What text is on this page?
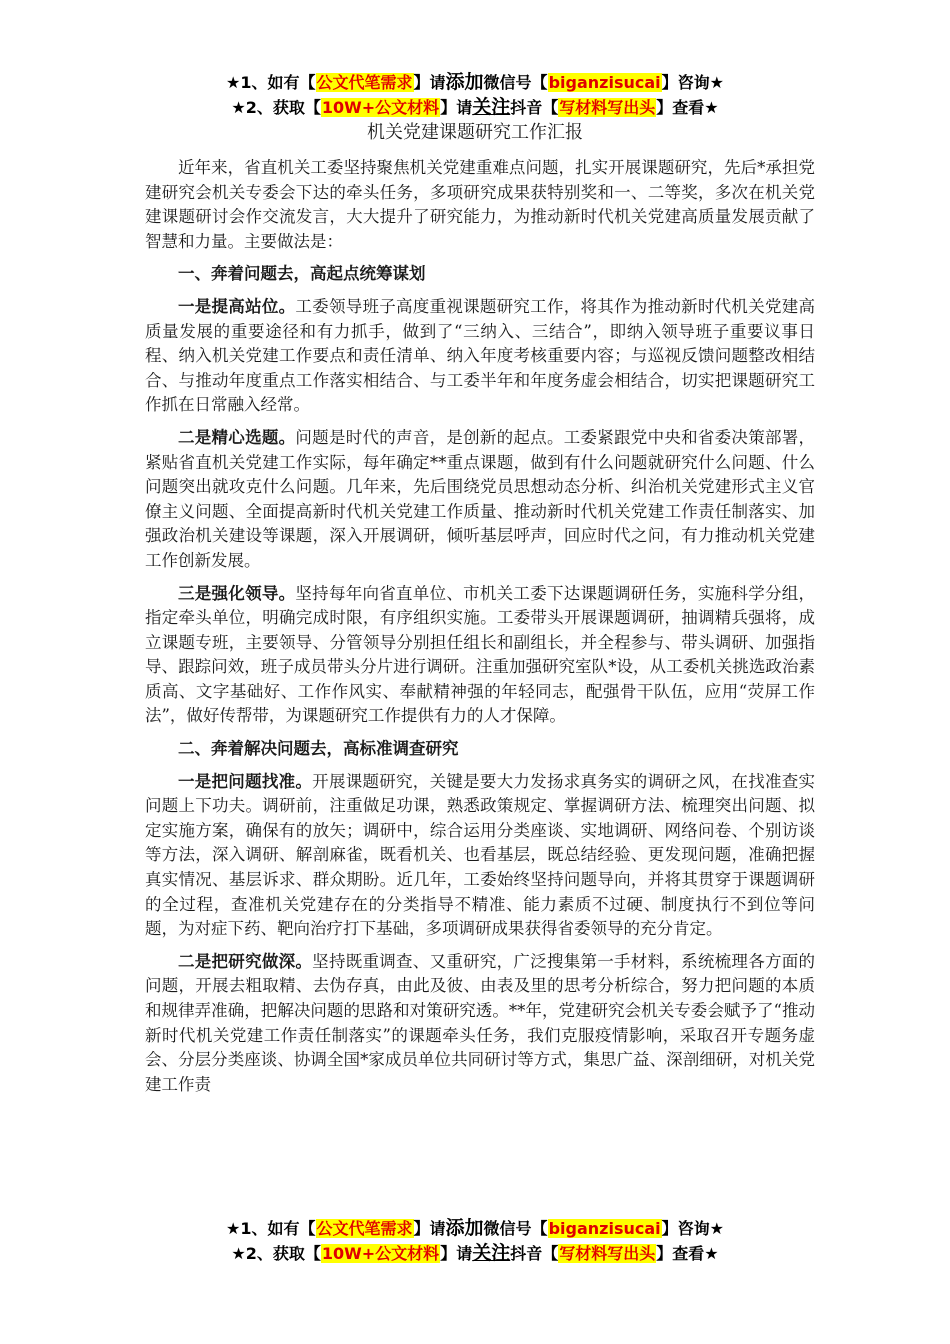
★1、如有【公文代笔需求】请添加微信号【biganzisucai】咨询★
★2、获取【10W+公文材料】请关注抖音【写材料写出头】查看★
机关党建课题研究工作汇报

近年来，省直机关工委坚持聚焦机关党建重难点问题，扎实开展课题研究，先后*承担党建研究会机关专委会下达的牵头任务，多项研究成果获特别奖和一、二等奖，多次在机关党建课题研讨会作交流发言，大大提升了研究能力，为推动新时代机关党建高质量发展贡献了智慧和力量。主要做法是：

一、奔着问题去，高起点统筹谋划

一是提高站位。工委领导班子高度重视课题研究工作，将其作为推动新时代机关党建高质量发展的重要途径和有力抓手，做到了“三纳入、三结合”，即纳入领导班子重要议事日程、纳入机关党建工作要点和责任清单、纳入年度考核重要内容；与巡视反馈问题整改相结合、与推动年度重点工作落实相结合、与工委半年和年度务虚会相结合，切实把课题研究工作抓在日常融入经常。

二是精心选题。问题是时代的声音，是创新的起点。工委紧跟党中央和省委决策部署，紧贴省直机关党建工作实际，每年确定**重点课题，做到有什么问题就研究什么问题、什么问题突出就攻克什么问题。几年来，先后围绕党员思想动态分析、纠治机关党建形式主义官僚主义问题、全面提高新时代机关党建工作质量、推动新时代机关党建工作责任制落实、加强政治机关建设等课题，深入开展调研，倾听基层呼声，回应时代之问，有力推动机关党建工作创新发展。

三是强化领导。坚持每年向省直单位、市机关工委下达课题调研任务，实施科学分组，指定牵头单位，明确完成时限，有序组织实施。工委带头开展课题调研，抽调精兵强将，成立课题专班，主要领导、分管领导分别担任组长和副组长，并全程参与、带头调研、加强指导、跟踪问效，班子成员带头分片进行调研。注重加强研究室队*设，从工委机关挑选政治素质高、文字基础好、工作作风实、奉献精神强的年轻同志，配强骨干队伍，应用“荧屏工作法”，做好传帮带，为课题研究工作提供有力的人才保障。

二、奔着解决问题去，高标准调查研究

一是把问题找准。开展课题研究，关键是要大力发扬求真务实的调研之风，在找准查实问题上下功夫。调研前，注重做足功课，熟悉政策规定、掌握调研方法、梳理突出问题、拟定实施方案，确保有的放矢；调研中，综合运用分类座谈、实地调研、网络问卷、个别访谈等方法，深入调研、解剖麻雀，既看机关、也看基层，既总结经验、更发现问题，准确把握真实情况、基层诉求、群众期盼。近几年，工委始终坚持问题导向，并将其贯穿于课题调研的全过程，查准机关党建存在的分类指导不精准、能力素质不过硬、制度执行不到位等问题，为对症下药、靶向治疗打下基础，多项调研成果获得省委领导的充分肯定。

二是把研究做深。坚持既重调查、又重研究，广泛搜集第一手材料，系统梳理各方面的问题，开展去粗取精、去伪存真，由此及彼、由表及里的思考分析综合，努力把问题的本质和规律弄准确，把解决问题的思路和对策研究透。**年，党建研究会机关专委会赋予了“推动新时代机关党建工作责任制落实”的课题牵头任务，我们克服疫情影响，采取召开专题务虚会、分层分类座谈、协调全国*家成员单位共同研讨等方式，集思广益、深剖细研，对机关党建工作责

★1、如有【公文代笔需求】请添加微信号【biganzisucai】咨询★
★2、获取【10W+公文材料】请关注抖音【写材料写出头】查看★
